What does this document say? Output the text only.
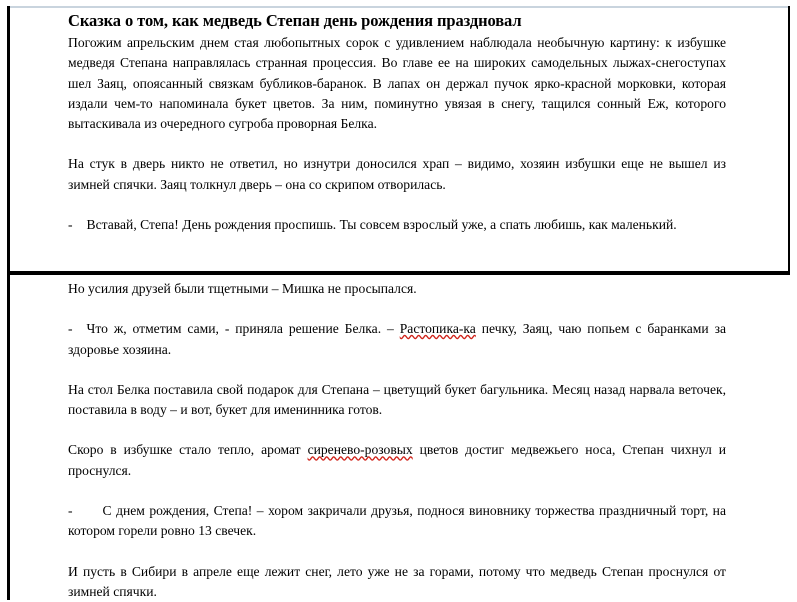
Сказка о том, как медведь Степан день рождения праздновал

Погожим апрельским днем стая любопытных сорок с удивлением наблюдала необычную картину: к избушке медведя Степана направлялась странная процессия. Во главе ее на широких самодельных лыжах-снегоступах шел Заяц, опоясанный связкам бубликов-баранок. В лапах он держал пучок ярко-красной морковки, которая издали чем-то напоминала букет цветов. За ним, поминутно увязая в снегу, тащился сонный Еж, которого вытаскивала из очередного сугроба проворная Белка.

На стук в дверь никто не ответил, но изнутри доносился храп – видимо, хозяин избушки еще не вышел из зимней спячки. Заяц толкнул дверь – она со скрипом отворилась.

- Вставай, Степа! День рождения проспишь. Ты совсем взрослый уже, а спать любишь, как маленький.

Но усилия друзей были тщетными – Мишка не просыпался.

- Что ж, отметим сами, - приняла решение Белка. – Растопика-ка печку, Заяц, чаю попьем с баранками за здоровье хозяина.

На стол Белка поставила свой подарок для Степана – цветущий букет багульника. Месяц назад нарвала веточек, поставила в воду – и вот, букет для именинника готов.

Скоро в избушке стало тепло, аромат сиренево-розовых цветов достиг медвежьего носа, Степан чихнул и проснулся.

- С днем рождения, Степа! – хором закричали друзья, поднося виновнику торжества праздничный торт, на котором горели ровно 13 свечек.

И пусть в Сибири в апреле еще лежит снег, лето уже не за горами, потому что медведь Степан проснулся от зимней спячки.
